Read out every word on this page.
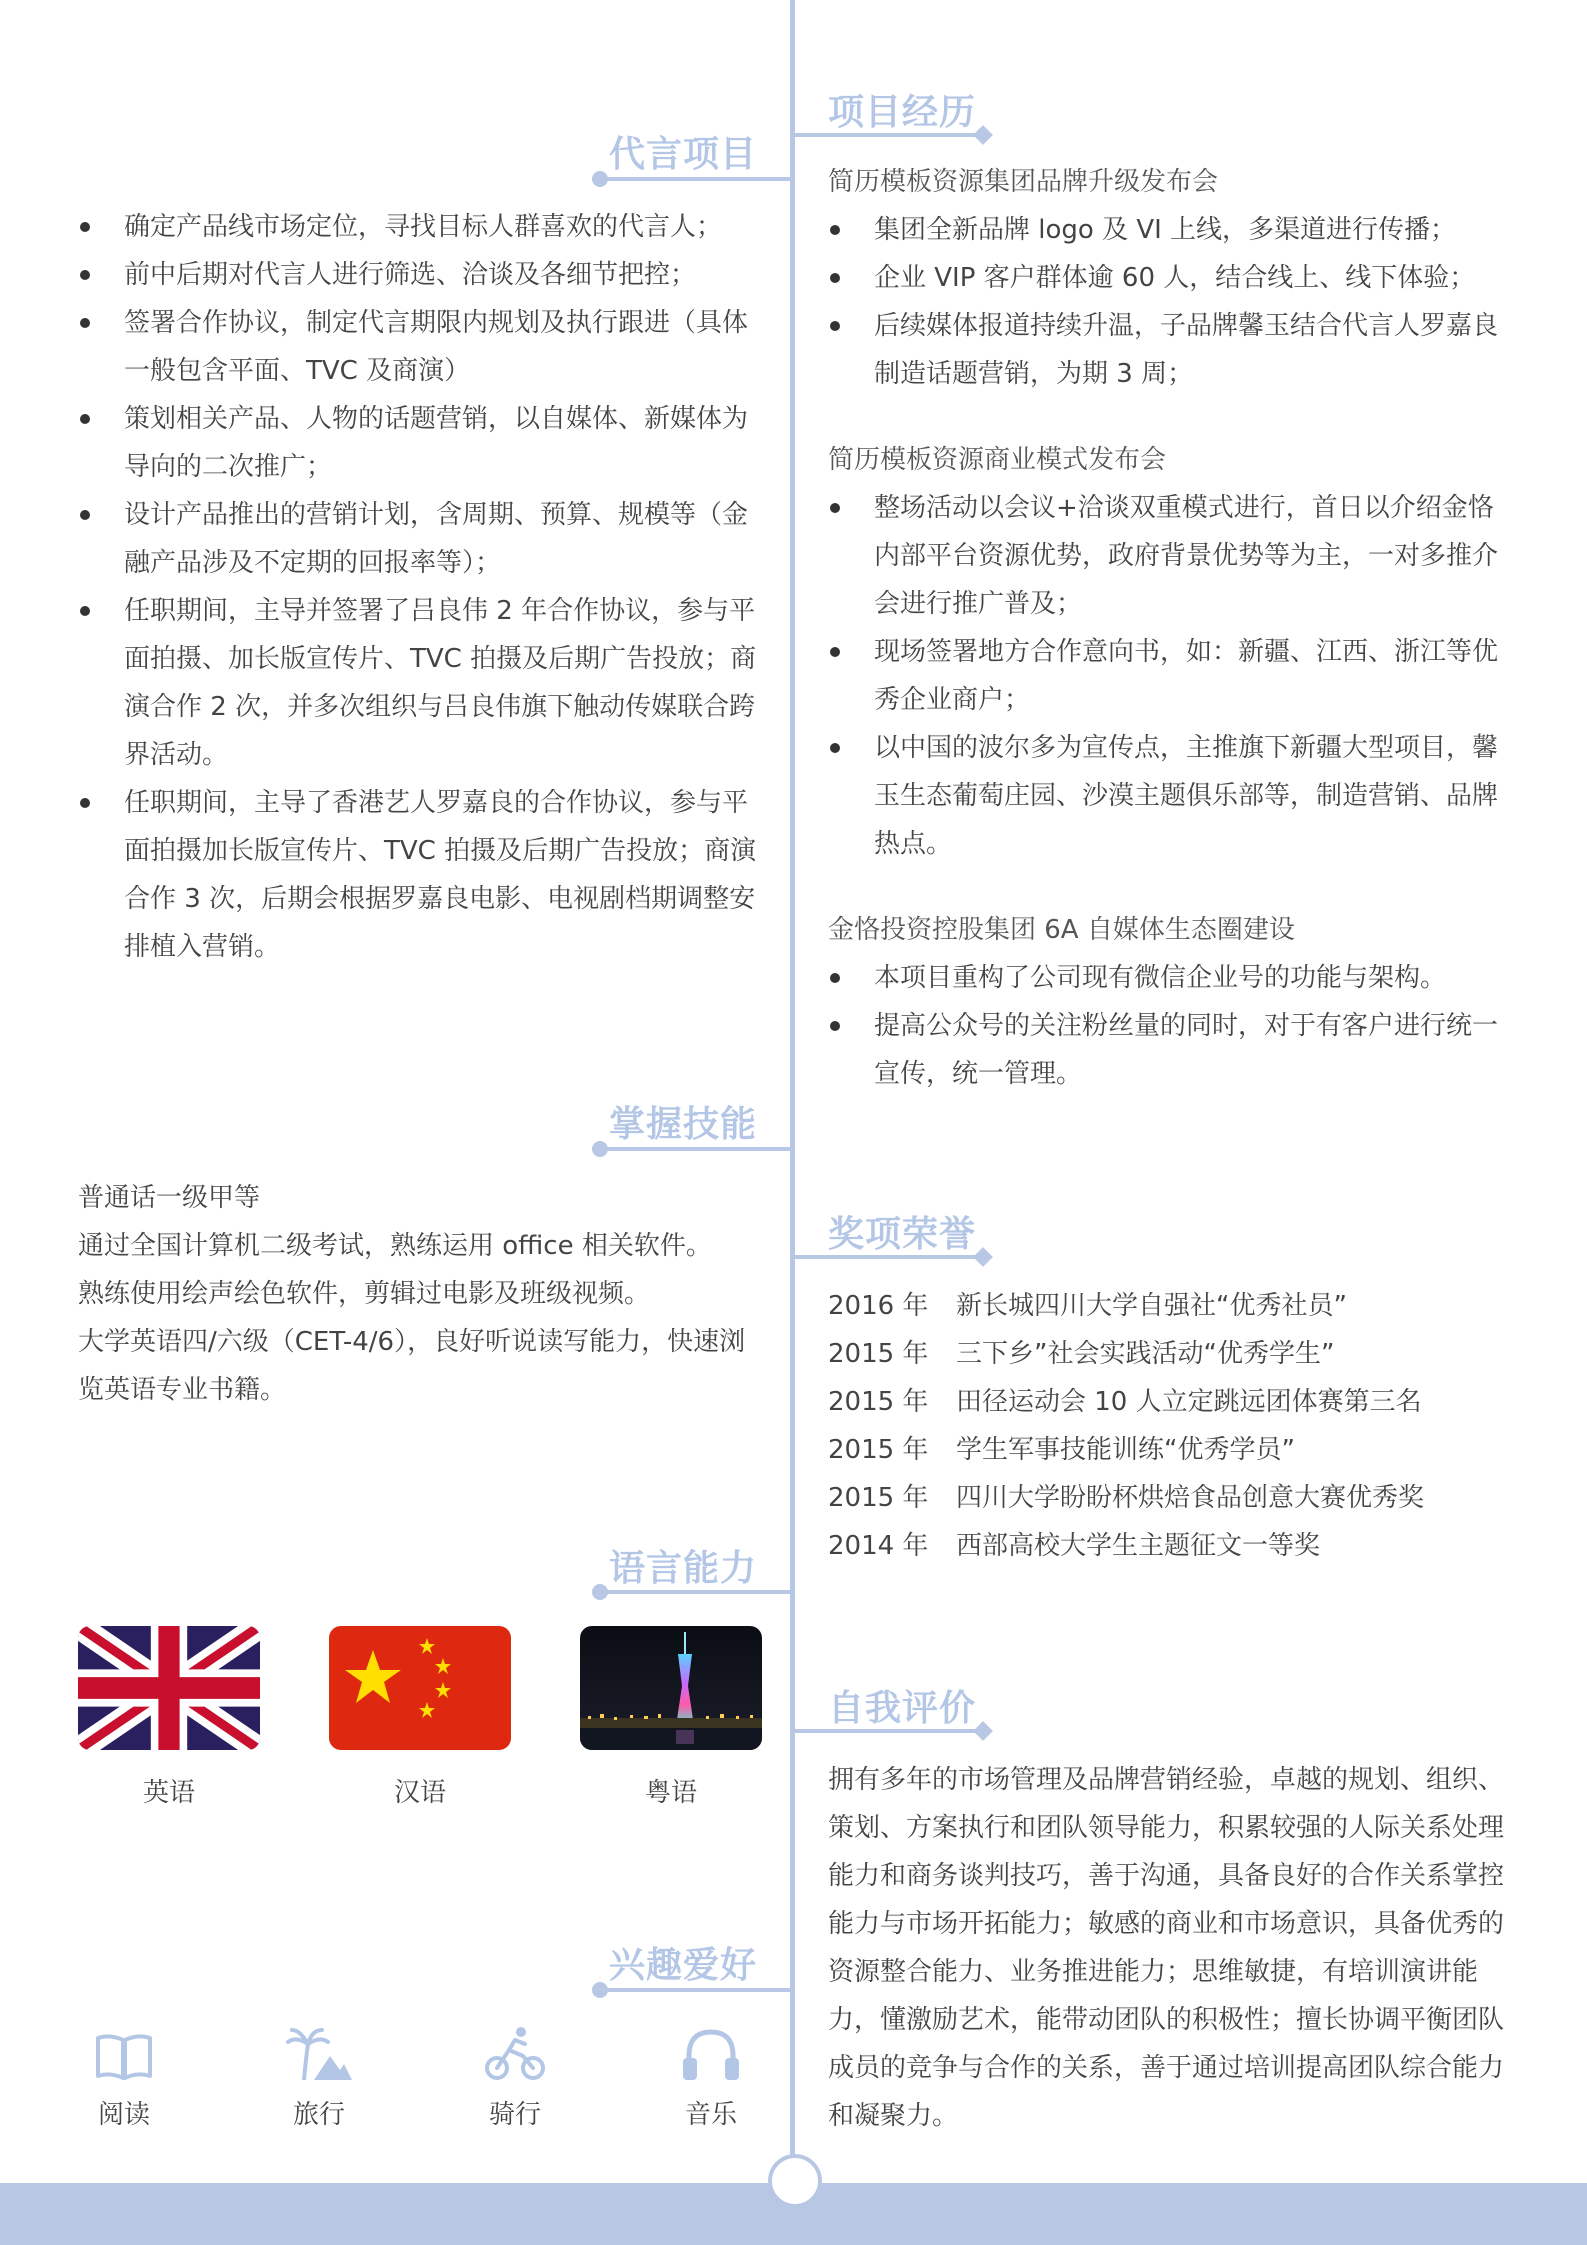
代言项目
确定产品线市场定位，寻找目标人群喜欢的代言人；
前中后期对代言人进行筛选、洽谈及各细节把控；
签署合作协议，制定代言期限内规划及执行跟进（具体一般包含平面、TVC 及商演）
策划相关产品、人物的话题营销，以自媒体、新媒体为导向的二次推广；
设计产品推出的营销计划，含周期、预算、规模等（金融产品涉及不定期的回报率等）；
任职期间，主导并签署了吕良伟 2 年合作协议，参与平面拍摄、加长版宣传片、TVC 拍摄及后期广告投放；商演合作 2 次，并多次组织与吕良伟旗下触动传媒联合跨界活动。
任职期间，主导了香港艺人罗嘉良的合作协议，参与平面拍摄加长版宣传片、TVC 拍摄及后期广告投放；商演合作 3 次，后期会根据罗嘉良电影、电视剧档期调整安排植入营销。
掌握技能
普通话一级甲等
通过全国计算机二级考试，熟练运用 office 相关软件。
熟练使用绘声绘色软件，剪辑过电影及班级视频。
大学英语四/六级（CET-4/6），良好听说读写能力，快速浏览英语专业书籍。
语言能力
英语	汉语	粤语
兴趣爱好
阅读	旅行	骑行	音乐
项目经历
简历模板资源集团品牌升级发布会
集团全新品牌 logo 及 VI 上线，多渠道进行传播；
企业 VIP 客户群体逾 60 人，结合线上、线下体验；
后续媒体报道持续升温，子品牌馨玉结合代言人罗嘉良制造话题营销，为期 3 周；
简历模板资源商业模式发布会
整场活动以会议+洽谈双重模式进行，首日以介绍金恪内部平台资源优势，政府背景优势等为主，一对多推介会进行推广普及；
现场签署地方合作意向书，如：新疆、江西、浙江等优秀企业商户；
以中国的波尔多为宣传点，主推旗下新疆大型项目，馨玉生态葡萄庄园、沙漠主题俱乐部等，制造营销、品牌热点。
金恪投资控股集团 6A 自媒体生态圈建设
本项目重构了公司现有微信企业号的功能与架构。
提高公众号的关注粉丝量的同时，对于有客户进行统一宣传，统一管理。
奖项荣誉
2016 年 新长城四川大学自强社“优秀社员”
2015 年 三下乡”社会实践活动“优秀学生”
2015 年 田径运动会 10 人立定跳远团体赛第三名
2015 年 学生军事技能训练“优秀学员”
2015 年 四川大学盼盼杯烘焙食品创意大赛优秀奖
2014 年 西部高校大学生主题征文一等奖
自我评价
拥有多年的市场管理及品牌营销经验，卓越的规划、组织、策划、方案执行和团队领导能力，积累较强的人际关系处理能力和商务谈判技巧，善于沟通，具备良好的合作关系掌控能力与市场开拓能力；敏感的商业和市场意识，具备优秀的资源整合能力、业务推进能力；思维敏捷，有培训演讲能力，懂激励艺术，能带动团队的积极性；擅长协调平衡团队成员的竞争与合作的关系，善于通过培训提高团队综合能力和凝聚力。
